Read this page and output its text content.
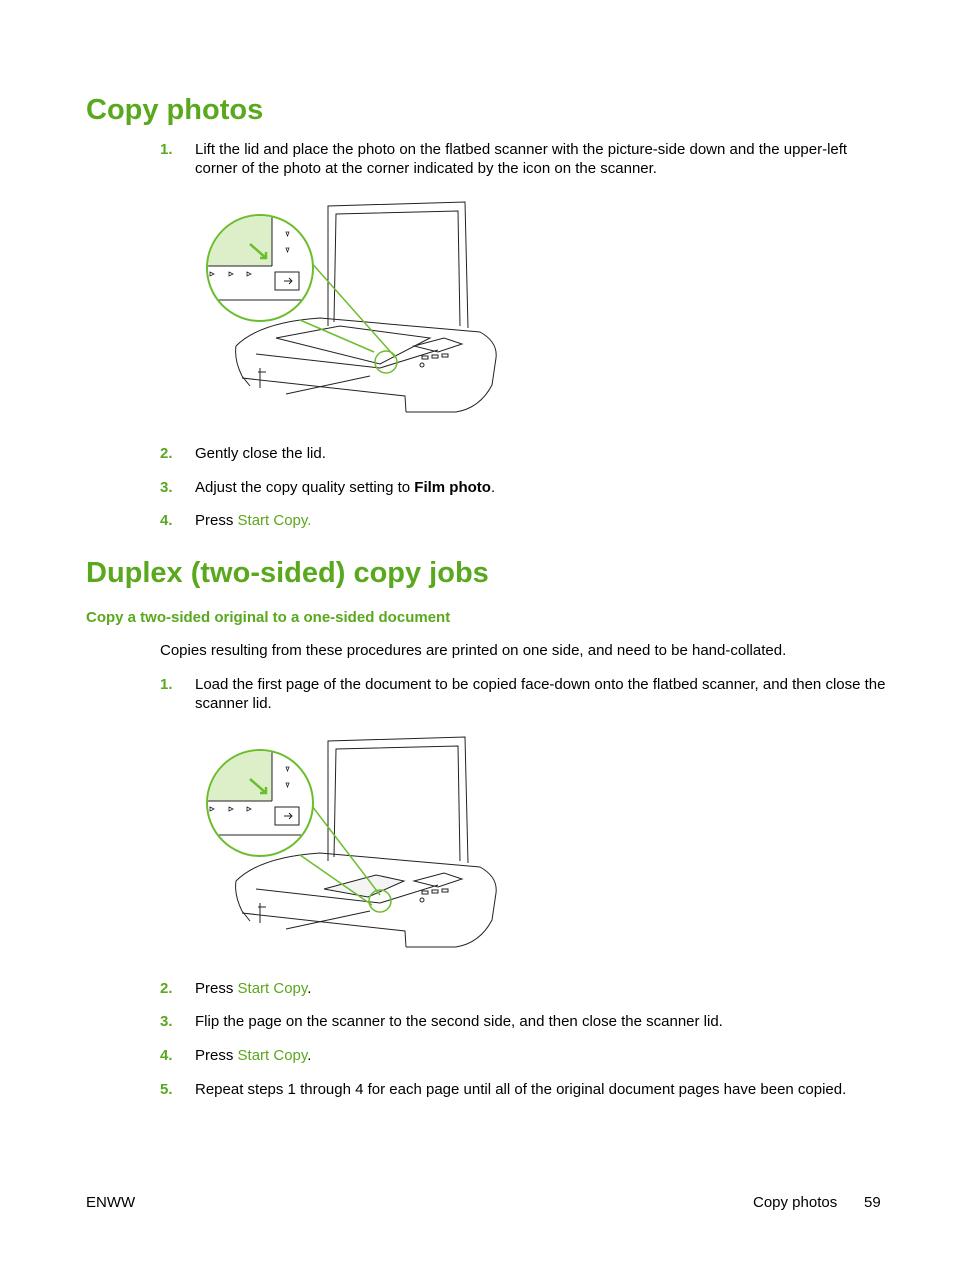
Copy photos
1.	Lift the lid and place the photo on the flatbed scanner with the picture-side down and the upper-left corner of the photo at the corner indicated by the icon on the scanner.
2.	Gently close the lid.
3.	Adjust the copy quality setting to Film photo.
4.	Press Start Copy.
Duplex (two-sided) copy jobs
Copy a two-sided original to a one-sided document
Copies resulting from these procedures are printed on one side, and need to be hand-collated.
1.	Load the first page of the document to be copied face-down onto the flatbed scanner, and then close the scanner lid.
2.	Press Start Copy.
3.	Flip the page on the scanner to the second side, and then close the scanner lid.
4.	Press Start Copy.
5.	Repeat steps 1 through 4 for each page until all of the original document pages have been copied.
ENWW	Copy photos 59
